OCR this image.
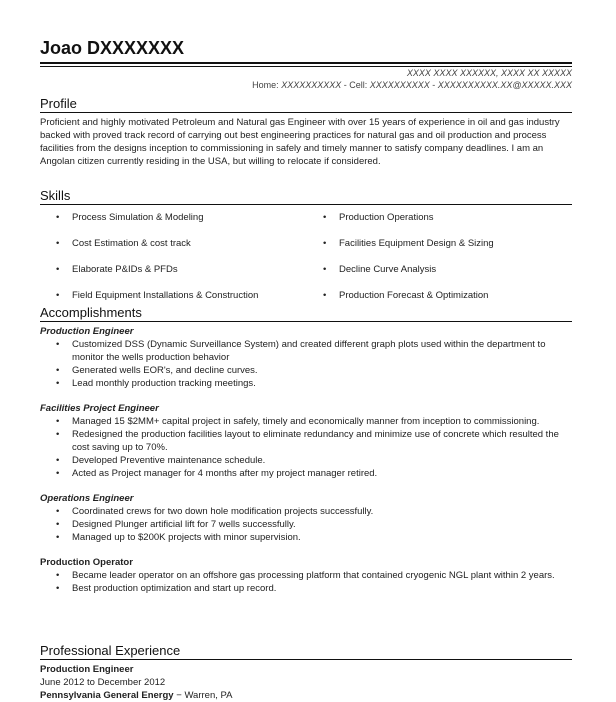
Joao DXXXXXXX
XXXX XXXX XXXXXX, XXXX XX XXXXX
Home: XXXXXXXXXX - Cell: XXXXXXXXXX - XXXXXXXXXX.XX@XXXXX.XXX
Profile
Proficient and highly motivated Petroleum and Natural gas Engineer with over 15 years of experience in oil and gas industry backed with proved track record of carrying out best engineering practices for natural gas and oil production and process facilities from the designs inception to commissioning in safely and timely manner to satisfy company deadlines. I am an Angolan citizen currently residing in the USA, but willing to relocate if considered.
Skills
• Process Simulation & Modeling	• Production Operations
• Cost Estimation & cost track	• Facilities Equipment Design & Sizing
• Elaborate P&IDs & PFDs	• Decline Curve Analysis
• Field Equipment Installations & Construction	• Production Forecast & Optimization
Accomplishments
Production Engineer
• Customized DSS (Dynamic Surveillance System) and created different graph plots used within the department to monitor the wells production behavior
• Generated wells EOR's, and decline curves.
• Lead monthly production tracking meetings.
Facilities Project Engineer
• Managed 15 $2MM+ capital project in safely, timely and economically manner from inception to commissioning.
• Redesigned the production facilities layout to eliminate redundancy and minimize use of concrete which resulted the cost saving up to 70%.
• Developed Preventive maintenance schedule.
• Acted as Project manager for 4 months after my project manager retired.
Operations Engineer
• Coordinated crews for two down hole modification projects successfully.
• Designed Plunger artificial lift for 7 wells successfully.
• Managed up to $200K projects with minor supervision.
Production Operator
• Became leader operator on an offshore gas processing platform that contained cryogenic NGL plant within 2 years.
• Best production optimization and start up record.
Professional Experience
Production Engineer
June 2012 to December 2012
Pennsylvania General Energy − Warren, PA
